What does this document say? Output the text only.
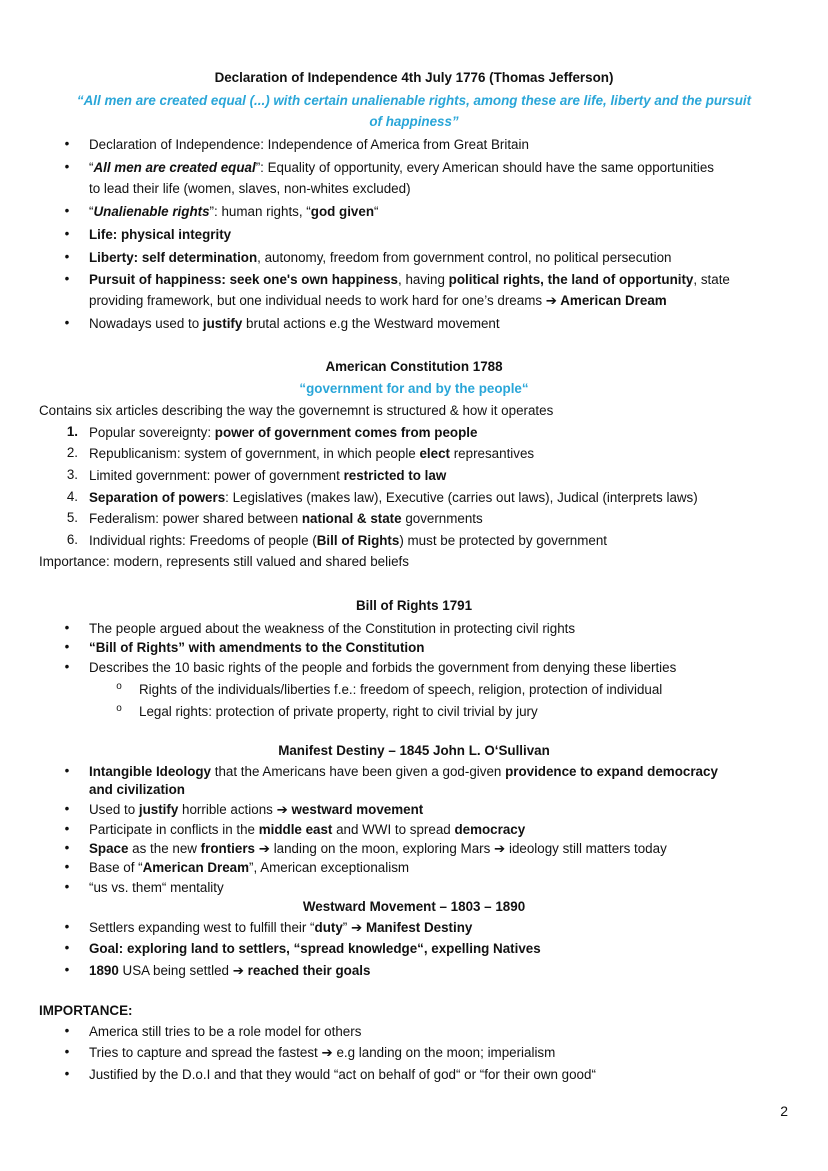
Declaration of Independence 4th July 1776 (Thomas Jefferson)
“All men are created equal (...) with certain unalienable rights, among these are life, liberty and the pursuit
of happiness”
• Declaration of Independence: Independence of America from Great Britain
• “All men are created equal”: Equality of opportunity, every American should have the same opportunities
to lead their life (women, slaves, non-whites excluded)
• “Unalienable rights”: human rights, “god given“
• Life: physical integrity
• Liberty: self determination, autonomy, freedom from government control, no political persecution
• Pursuit of happiness: seek one's own happiness, having political rights, the land of opportunity, state
providing framework, but one individual needs to work hard for one’s dreams ➔ American Dream
• Nowadays used to justify brutal actions e.g the Westward movement
American Constitution 1788
“government for and by the people“
Contains six articles describing the way the governemnt is structured & how it operates
1. Popular sovereignty: power of government comes from people
2. Republicanism: system of government, in which people elect represantives
3. Limited government: power of government restricted to law
4. Separation of powers: Legislatives (makes law), Executive (carries out laws), Judical (interprets laws)
5. Federalism: power shared between national & state governments
6. Individual rights: Freedoms of people (Bill of Rights) must be protected by government
Importance: modern, represents still valued and shared beliefs
Bill of Rights 1791
• The people argued about the weakness of the Constitution in protecting civil rights
• “Bill of Rights” with amendments to the Constitution
• Describes the 10 basic rights of the people and forbids the government from denying these liberties
o Rights of the individuals/liberties f.e.: freedom of speech, religion, protection of individual
o Legal rights: protection of private property, right to civil trivial by jury
Manifest Destiny – 1845 John L. O‘Sullivan
• Intangible Ideology that the Americans have been given a god-given providence to expand democracy
and civilization
• Used to justify horrible actions ➔ westward movement
• Participate in conflicts in the middle east and WWI to spread democracy
• Space as the new frontiers ➔ landing on the moon, exploring Mars ➔ ideology still matters today
• Base of “American Dream”, American exceptionalism
• “us vs. them“ mentality
Westward Movement – 1803 – 1890
• Settlers expanding west to fulfill their “duty” ➔ Manifest Destiny
• Goal: exploring land to settlers, “spread knowledge“, expelling Natives
• 1890 USA being settled ➔ reached their goals
IMPORTANCE:
• America still tries to be a role model for others
• Tries to capture and spread the fastest ➔ e.g landing on the moon; imperialism
• Justified by the D.o.I and that they would “act on behalf of god“ or “for their own good“
2
